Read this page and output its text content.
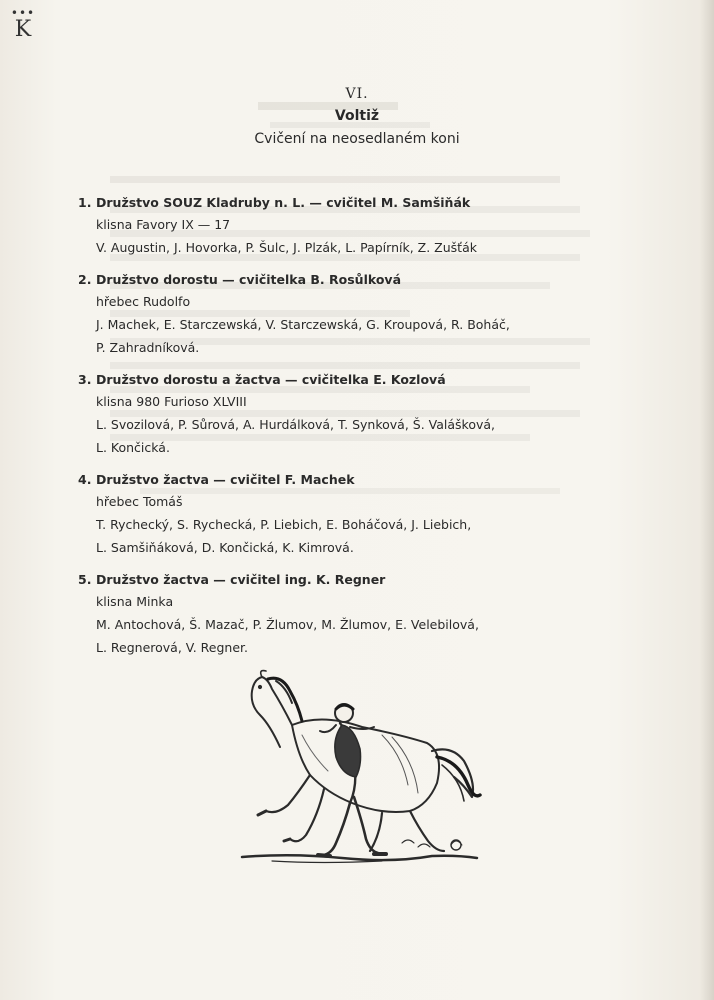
•••
K
VI.
Voltiž
Cvičení na neosedlaném koni
1. Družstvo SOUZ Kladruby n. L. — cvičitel M. Samšiňák
klisna Favory IX — 17
V. Augustin, J. Hovorka, P. Šulc, J. Plzák, L. Papírník, Z. Zušťák
2. Družstvo dorostu — cvičitelka B. Rosůlková
hřebec Rudolfo
J. Machek, E. Starczewská, V. Starczewská, G. Kroupová, R. Boháč,
P. Zahradníková.
3. Družstvo dorostu a žactva — cvičitelka E. Kozlová
klisna 980 Furioso XLVIII
L. Svozilová, P. Sůrová, A. Hurdálková, T. Synková, Š. Valášková,
L. Končická.
4. Družstvo žactva — cvičitel F. Machek
hřebec Tomáš
T. Rychecký, S. Rychecká, P. Liebich, E. Boháčová, J. Liebich,
L. Samšiňáková, D. Končická, K. Kimrová.
5. Družstvo žactva — cvičitel ing. K. Regner
klisna Minka
M. Antochová, Š. Mazač, P. Žlumov, M. Žlumov, E. Velebilová,
L. Regnerová, V. Regner.
